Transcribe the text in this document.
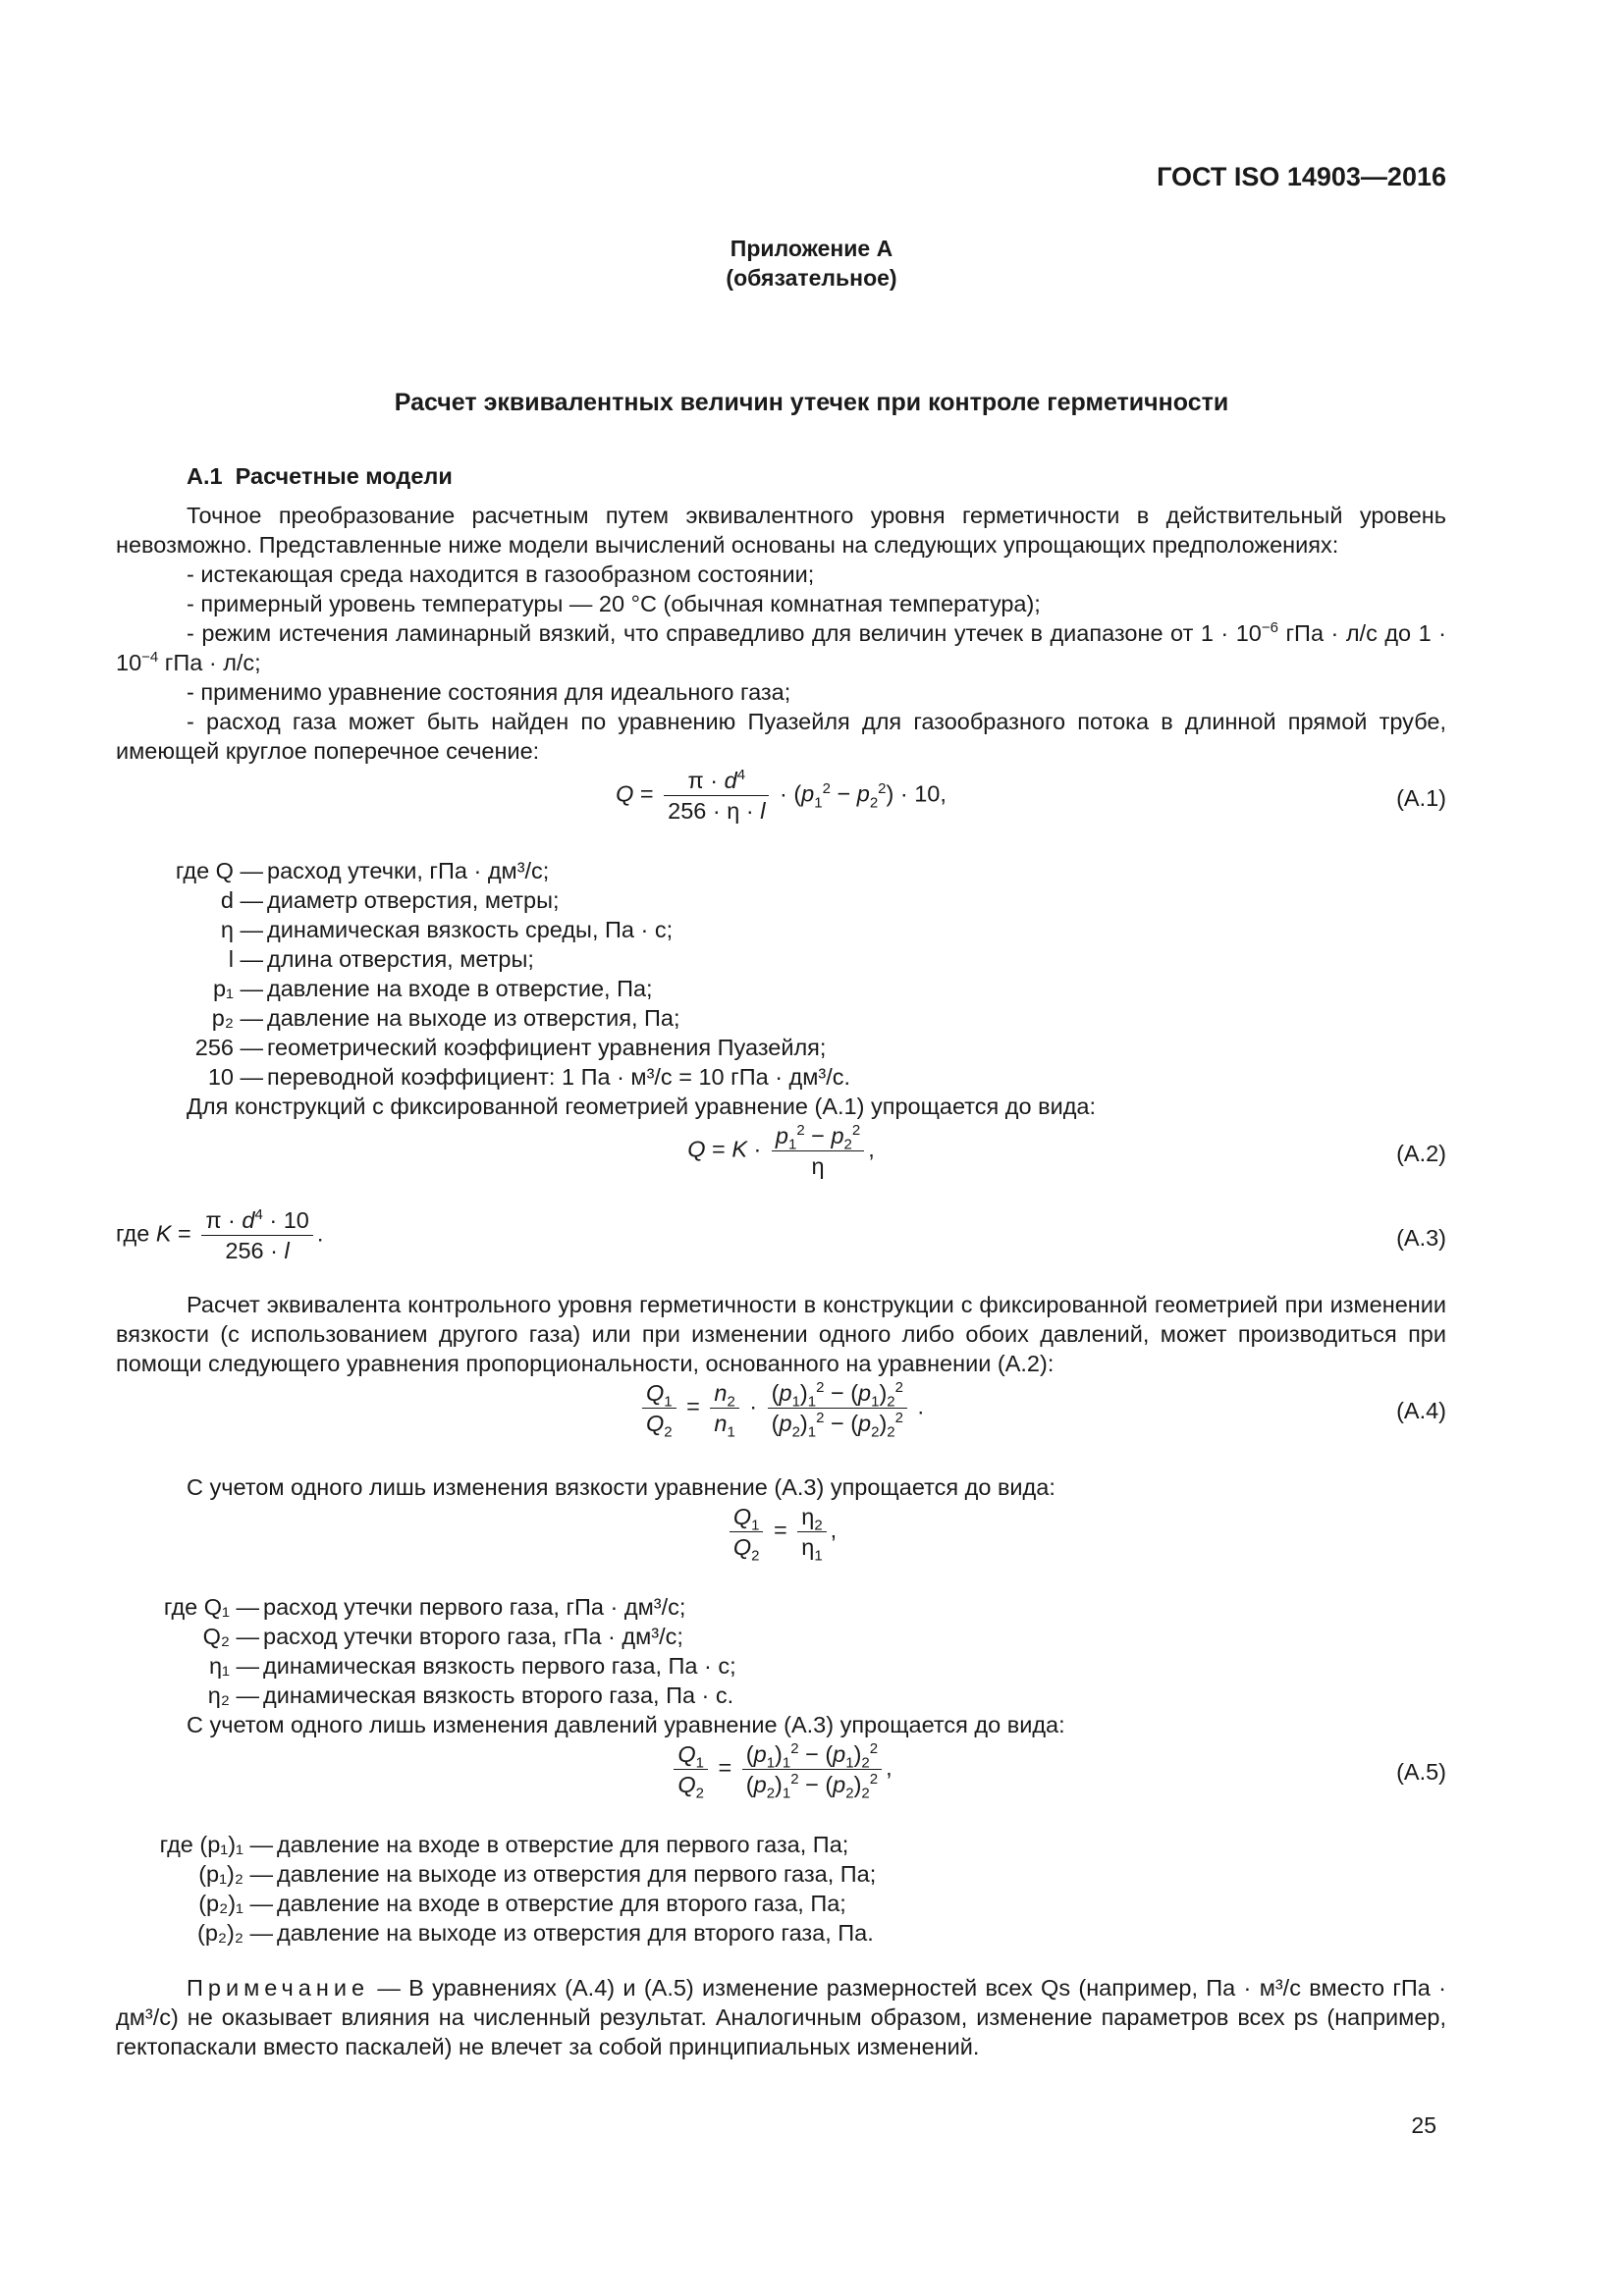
ГОСТ ISO 14903—2016
Приложение А
(обязательное)
Расчет эквивалентных величин утечек при контроле герметичности
А.1 Расчетные модели

Точное преобразование расчетным путем эквивалентного уровня герметичности в действительный уровень невозможно. Представленные ниже модели вычислений основаны на следующих упрощающих предположениях:

- истекающая среда находится в газообразном состоянии;

- примерный уровень температуры — 20 °C (обычная комнатная температура);

- режим истечения ламинарный вязкий, что справедливо для величин утечек в диапазоне от $1 \cdot 10^{-6}$ гПа · л/с до $1 \cdot 10^{-4}$ гПа · л/с;

- применимо уравнение состояния для идеального газа;

- расход газа может быть найден по уравнению Пуазейля для газообразного потока в длинной прямой трубе, имеющей круглое поперечное сечение:

$Q = \frac{\pi \cdot d^4}{256 \cdot \eta \cdot l} \cdot (p_1^2 - p_2^2) \cdot 10$,	(А.1)
где Q — расход утечки, гПа · дм³/с;
d — диаметр отверстия, метры;
η — динамическая вязкость среды, Па · с;
l — длина отверстия, метры;
p₁ — давление на входе в отверстие, Па;
p₂ — давление на выходе из отверстия, Па;
256 — геометрический коэффициент уравнения Пуазейля;
10 — переводной коэффициент: 1 Па · м³/с = 10 гПа · дм³/с.

Для конструкций с фиксированной геометрией уравнение (А.1) упрощается до вида:

$Q = K \cdot \frac{p_1^2 - p_2^2}{\eta}$ ,	(А.2)
где $K = \frac{\pi \cdot d^4 \cdot 10}{256 \cdot l}$ .	(А.3)

Расчет эквивалента контрольного уровня герметичности в конструкции с фиксированной геометрией при изменении вязкости (с использованием другого газа) или при изменении одного либо обоих давлений, может производиться при помощи следующего уравнения пропорциональности, основанного на уравнении (А.2):

$\frac{Q_1}{Q_2} = \frac{n_2}{n_1} \cdot \frac{(p_1)_1^2 - (p_1)_2^2}{(p_2)_1^2 - (p_2)_2^2}$ .	(А.4)

С учетом одного лишь изменения вязкости уравнение (А.3) упрощается до вида:

$\frac{Q_1}{Q_2} = \frac{\eta_2}{\eta_1}$ ,
где Q₁ — расход утечки первого газа, гПа · дм³/с;
Q₂ — расход утечки второго газа, гПа · дм³/с;
η₁ — динамическая вязкость первого газа, Па · с;
η₂ — динамическая вязкость второго газа, Па · с.

С учетом одного лишь изменения давлений уравнение (А.3) упрощается до вида:

$\frac{Q_1}{Q_2} = \frac{(p_1)_1^2 - (p_1)_2^2}{(p_2)_1^2 - (p_2)_2^2}$ ,	(А.5)
где (p₁)₁ — давление на входе в отверстие для первого газа, Па;
(p₁)₂ — давление на выходе из отверстия для первого газа, Па;
(p₂)₁ — давление на входе в отверстие для второго газа, Па;
(p₂)₂ — давление на выходе из отверстия для второго газа, Па.

Примечание — В уравнениях (А.4) и (А.5) изменение размерностей всех Qs (например, Па · м³/с вместо гПа · дм³/с) не оказывает влияния на численный результат. Аналогичным образом, изменение параметров всех ps (например, гектопаскали вместо паскалей) не влечет за собой принципиальных изменений.

25
